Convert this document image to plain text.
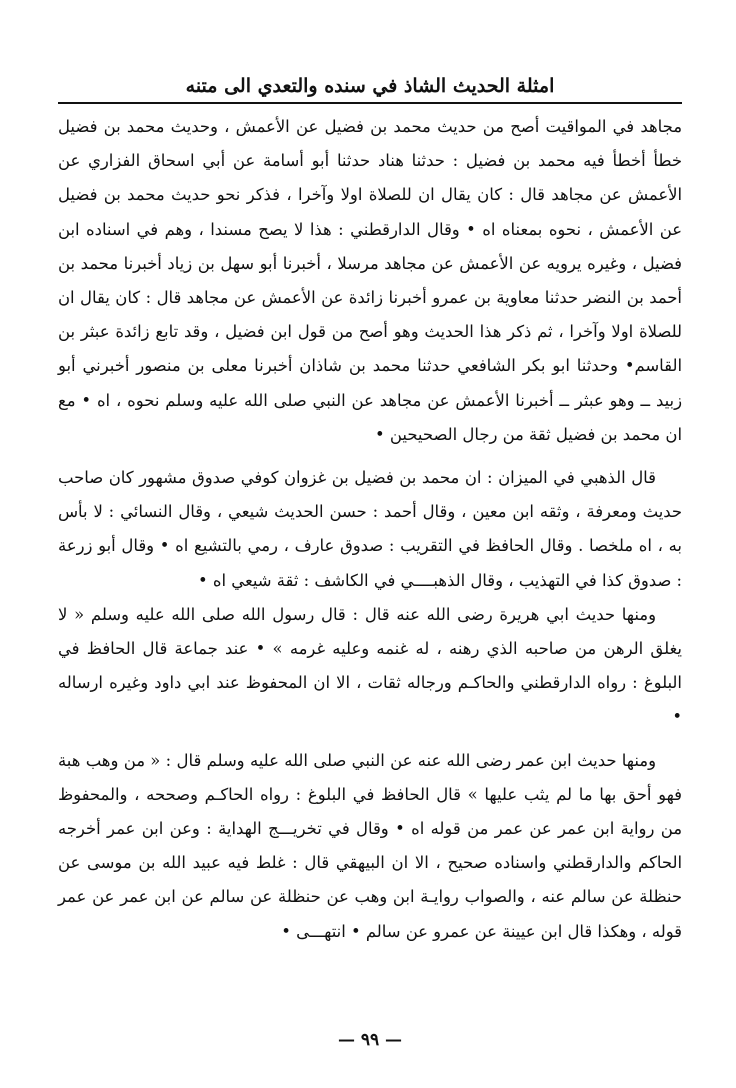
امثلة الحديث الشاذ في سنده والتعدي الى متنه

مجاهد في المواقيت أصح من حديث محمد بن فضيل عن الأعمش ، وحديث محمد بن فضيل خطأ أخطأ فيه محمد بن فضيل : حدثنا هناد حدثنا أبو أسامة عن أبي اسحاق الفزاري عن الأعمش عن مجاهد قال : كان يقال ان للصلاة اولا وآخرا ، فذكر نحو حديث محمد بن فضيل عن الأعمش ، نحوه بمعناه اه • وقال الدارقطني : هذا لا يصح مسندا ، وهم في اسناده ابن فضيل ، وغيره يرويه عن الأعمش عن مجاهد مرسلا ، أخبرنا أبو سهل بن زياد أخبرنا محمد بن أحمد بن النضر حدثنا معاوية بن عمرو أخبرنا زائدة عن الأعمش عن مجاهد قال : كان يقال ان للصلاة اولا وآخرا ، ثم ذكر هذا الحديث وهو أصح من قول ابن فضيل ، وقد تابع زائدة عبثر بن القاسم• وحدثنا ابو بكر الشافعي حدثنا محمد بن شاذان أخبرنا معلى بن منصور أخبرني أبو زبيد ــ وهو عبثر ــ أخبرنا الأعمش عن مجاهد عن النبي صلى الله عليه وسلم نحوه ، اه • مع ان محمد بن فضيل ثقة من رجال الصحيحين •

قال الذهبي في الميزان : ان محمد بن فضيل بن غزوان كوفي صدوق مشهور كان صاحب حديث ومعرفة ، وثقه ابن معين ، وقال أحمد : حسن الحديث شيعي ، وقال النسائي : لا بأس به ، اه ملخصا . وقال الحافظ في التقريب : صدوق عارف ، رمي بالتشيع اه • وقال أبو زرعة : صدوق كذا في التهذيب ، وقال الذهبــــي في الكاشف : ثقة شيعي اه •

ومنها حديث ابي هريرة رضى الله عنه قال : قال رسول الله صلى الله عليه وسلم « لا يغلق الرهن من صاحبه الذي رهنه ، له غنمه وعليه غرمه » • عند جماعة قال الحافظ في البلوغ : رواه الدارقطني والحاكـم ورجاله ثقات ، الا ان المحفوظ عند ابي داود وغيره ارساله •

ومنها حديث ابن عمر رضى الله عنه عن النبي صلى الله عليه وسلم قال : « من وهب هبة فهو أحق بها ما لم يثب عليها » قال الحافظ في البلوغ : رواه الحاكـم وصححه ، والمحفوظ من رواية ابن عمر عن عمر من قوله اه • وقال في تخريـــج الهداية : وعن ابن عمر أخرجه الحاكم والدارقطني واسناده صحيح ، الا ان البيهقي قال : غلط فيه عبيد الله بن موسى عن حنظلة عن سالم عنه ، والصواب روايـة ابن وهب عن حنظلة عن سالم عن ابن عمر عن عمر قوله ، وهكذا قال ابن عيينة عن عمرو عن سالم • انتهـــى •

— ٩٩ —
